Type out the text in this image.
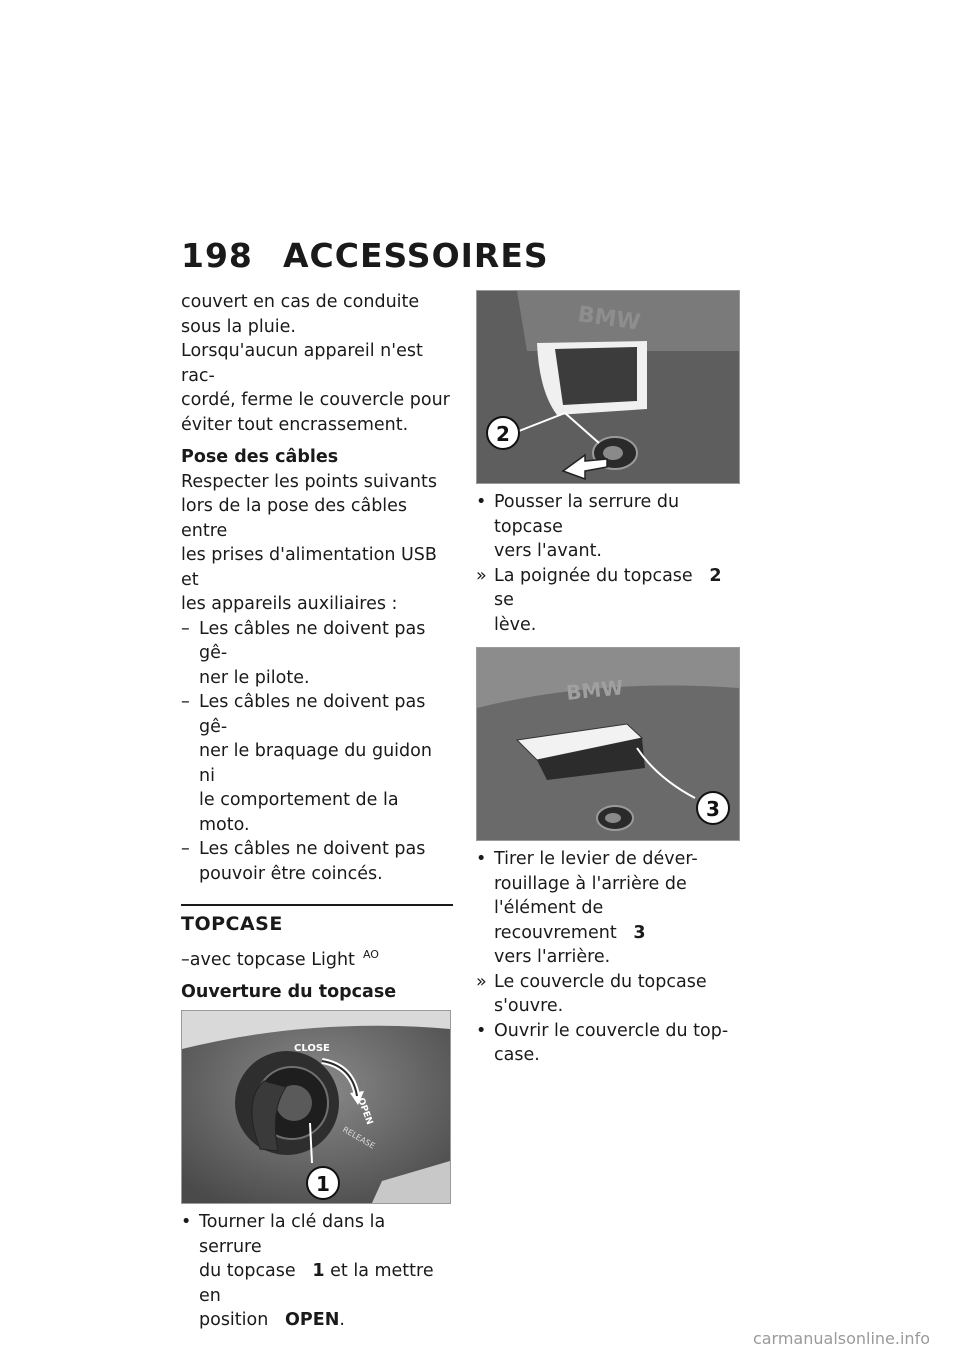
198 ACCESSOIRES

couvert en cas de conduite

sous la pluie.

Lorsqu'aucun appareil n'est rac-

cordé, ferme le couvercle pour

éviter tout encrassement.

Pose des câbles

Respecter les points suivants

lors de la pose des câbles entre

les prises d'alimentation USB et

les appareils auxiliaires :

– Les câbles ne doivent pas gê-

ner le pilote.

– Les câbles ne doivent pas gê-

ner le braquage du guidon ni

le comportement de la moto.

– Les câbles ne doivent pas

pouvoir être coincés.

TOPCASE

–avec topcase Light $^{AO}$

Ouverture du topcase

CLOSE
OPEN
RELEASE
1
• Tourner la clé dans la serrure

du topcase 1 et la mettre en

position OPEN.

BMW
2
• Pousser la serrure du topcase

vers l'avant.

» La poignée du topcase 2 se

lève.

BMW
3
• Tirer le levier de déver-

rouillage à l'arrière de

l'élément de recouvrement 3

vers l'arrière.

» Le couvercle du topcase

s'ouvre.

• Ouvrir le couvercle du top-

case.

carmanualsonline.info
